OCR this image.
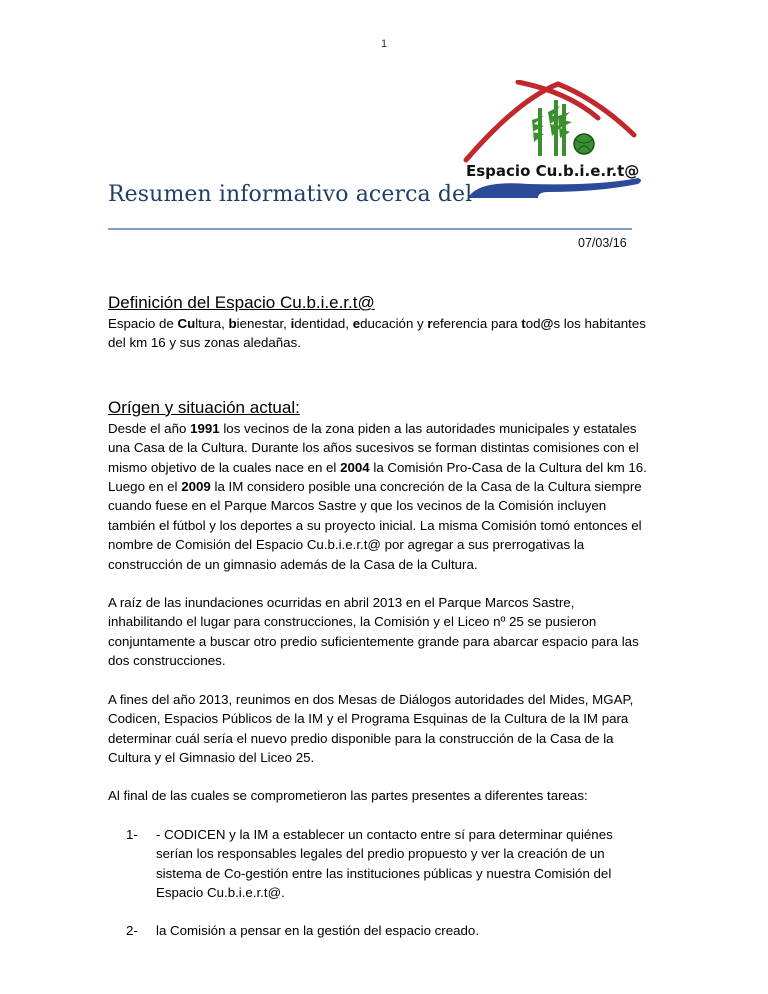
1
Espacio Cu.b.i.e.r.t@
Resumen informativo acerca del
07/03/16
Definición del Espacio Cu.b.i.e.r.t@

Espacio de Cultura, bienestar, identidad, educación y referencia para tod@s los habitantes del km 16 y sus zonas aledañas.

Orígen y situación actual:

Desde el año 1991 los vecinos de la zona piden a las autoridades municipales y estatales una Casa de la Cultura. Durante los años sucesivos se forman distintas comisiones con el mismo objetivo de la cuales nace en el 2004 la Comisión Pro-Casa de la Cultura del km 16.

Luego en el 2009 la IM considero posible una concreción de la Casa de la Cultura siempre cuando fuese en el Parque Marcos Sastre y que los vecinos de la Comisión incluyen también el fútbol y los deportes a su proyecto inicial. La misma Comisión tomó entonces el nombre de Comisión del Espacio Cu.b.i.e.r.t@ por agregar a sus prerrogativas la construcción de un gimnasio además de la Casa de la Cultura.

A raíz de las inundaciones ocurridas en abril 2013 en el Parque Marcos Sastre, inhabilitando el lugar para construcciones, la Comisión y el Liceo nº 25 se pusieron conjuntamente a buscar otro predio suficientemente grande para abarcar espacio para las dos construcciones.

A fines del año 2013, reunimos en dos Mesas de Diálogos autoridades del Mides, MGAP, Codicen, Espacios Públicos de la IM y el Programa Esquinas de la Cultura de la IM para determinar cuál sería el nuevo predio disponible para la construcción de la Casa de la Cultura y el Gimnasio del Liceo 25.

Al final de las cuales se comprometieron las partes presentes a diferentes tareas:

1-	- CODICEN y la IM a establecer un contacto entre sí para determinar quiénes serían los responsables legales del predio propuesto y ver la creación de un sistema de Co-gestión entre las instituciones públicas y nuestra Comisión del Espacio Cu.b.i.e.r.t@.
2-	la Comisión a pensar en la gestión del espacio creado.
